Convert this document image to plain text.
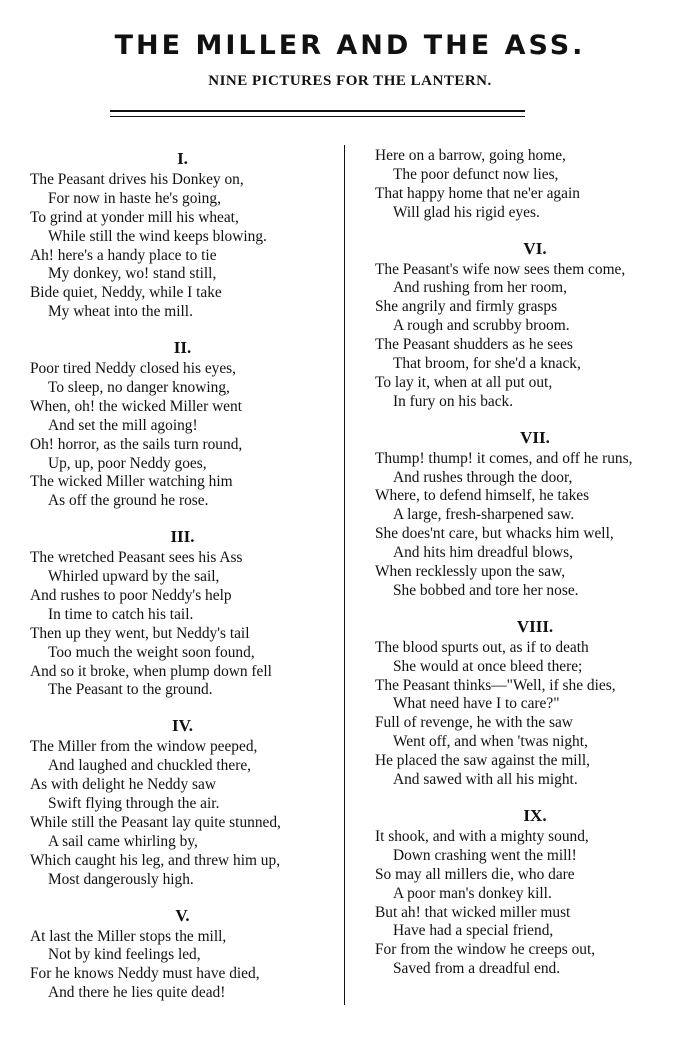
THE MILLER AND THE ASS.
NINE PICTURES FOR THE LANTERN.
I.
The Peasant drives his Donkey on,
For now in haste he's going,
To grind at yonder mill his wheat,
While still the wind keeps blowing.
Ah! here's a handy place to tie
My donkey, wo! stand still,
Bide quiet, Neddy, while I take
My wheat into the mill.
II.
Poor tired Neddy closed his eyes,
To sleep, no danger knowing,
When, oh! the wicked Miller went
And set the mill agoing!
Oh! horror, as the sails turn round,
Up, up, poor Neddy goes,
The wicked Miller watching him
As off the ground he rose.
III.
The wretched Peasant sees his Ass
Whirled upward by the sail,
And rushes to poor Neddy's help
In time to catch his tail.
Then up they went, but Neddy's tail
Too much the weight soon found,
And so it broke, when plump down fell
The Peasant to the ground.
IV.
The Miller from the window peeped,
And laughed and chuckled there,
As with delight he Neddy saw
Swift flying through the air.
While still the Peasant lay quite stunned,
A sail came whirling by,
Which caught his leg, and threw him up,
Most dangerously high.
V.
At last the Miller stops the mill,
Not by kind feelings led,
For he knows Neddy must have died,
And there he lies quite dead!
Here on a barrow, going home,
The poor defunct now lies,
That happy home that ne'er again
Will glad his rigid eyes.
VI.
The Peasant's wife now sees them come,
And rushing from her room,
She angrily and firmly grasps
A rough and scrubby broom.
The Peasant shudders as he sees
That broom, for she'd a knack,
To lay it, when at all put out,
In fury on his back.
VII.
Thump! thump! it comes, and off he runs,
And rushes through the door,
Where, to defend himself, he takes
A large, fresh-sharpened saw.
She does'nt care, but whacks him well,
And hits him dreadful blows,
When recklessly upon the saw,
She bobbed and tore her nose.
VIII.
The blood spurts out, as if to death
She would at once bleed there;
The Peasant thinks—"Well, if she dies,
What need have I to care?"
Full of revenge, he with the saw
Went off, and when 'twas night,
He placed the saw against the mill,
And sawed with all his might.
IX.
It shook, and with a mighty sound,
Down crashing went the mill!
So may all millers die, who dare
A poor man's donkey kill.
But ah! that wicked miller must
Have had a special friend,
For from the window he creeps out,
Saved from a dreadful end.
